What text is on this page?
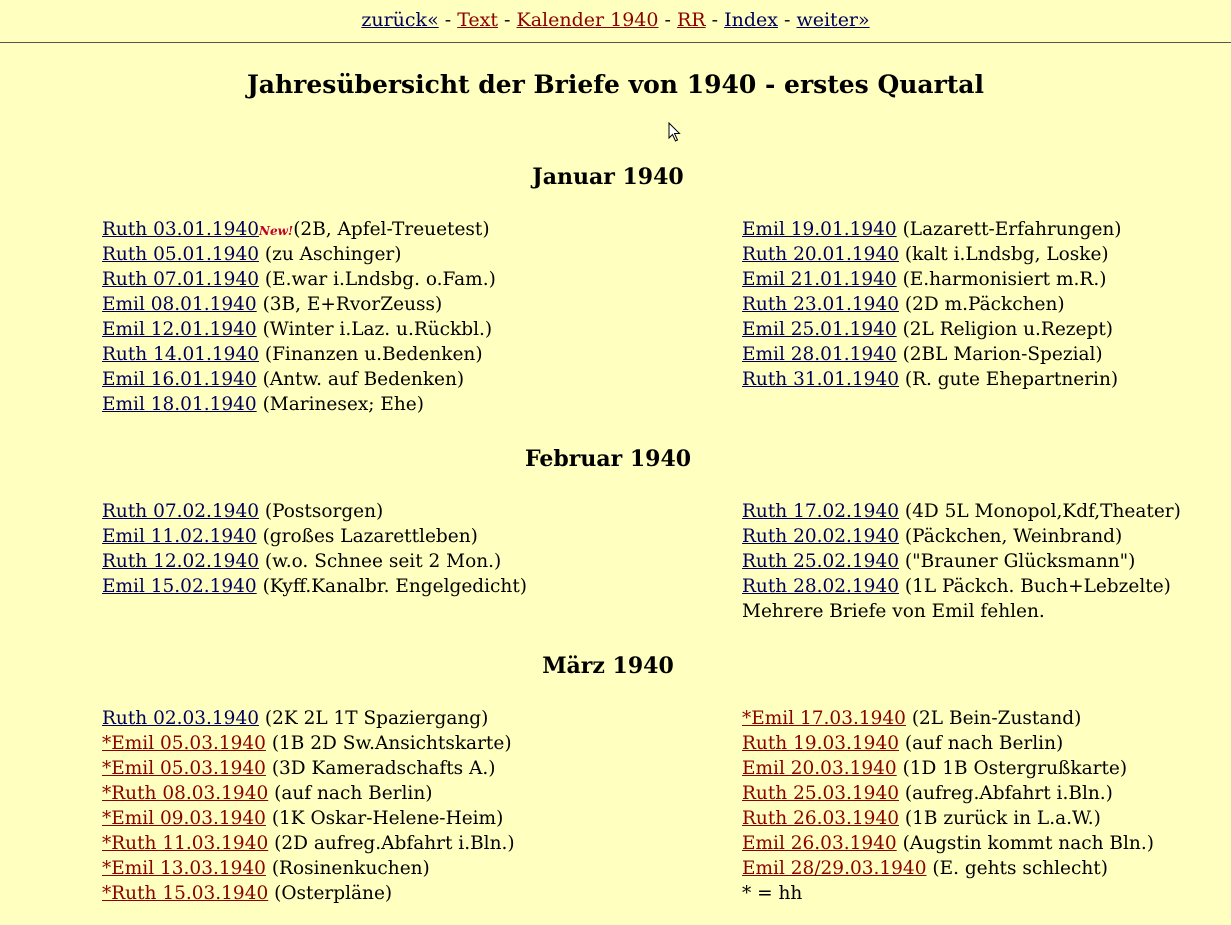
zurück« - Text - Kalender 1940 - RR - Index - weiter»
Jahresübersicht der Briefe von 1940 - erstes Quartal
Januar 1940
Ruth 03.01.1940New!(2B, Apfel-Treuetest)
Ruth 05.01.1940 (zu Aschinger)
Ruth 07.01.1940 (E.war i.Lndsbg. o.Fam.)
Emil 08.01.1940 (3B, E+RvorZeuss)
Emil 12.01.1940 (Winter i.Laz. u.Rückbl.)
Ruth 14.01.1940 (Finanzen u.Bedenken)
Emil 16.01.1940 (Antw. auf Bedenken)
Emil 18.01.1940 (Marinesex; Ehe)
Emil 19.01.1940 (Lazarett-Erfahrungen)
Ruth 20.01.1940 (kalt i.Lndsbg, Loske)
Emil 21.01.1940 (E.harmonisiert m.R.)
Ruth 23.01.1940 (2D m.Päckchen)
Emil 25.01.1940 (2L Religion u.Rezept)
Emil 28.01.1940 (2BL Marion-Spezial)
Ruth 31.01.1940 (R. gute Ehepartnerin)
Februar 1940
Ruth 07.02.1940 (Postsorgen)
Emil 11.02.1940 (großes Lazarettleben)
Ruth 12.02.1940 (w.o. Schnee seit 2 Mon.)
Emil 15.02.1940 (Kyff.Kanalbr. Engelgedicht)
Ruth 17.02.1940 (4D 5L Monopol,Kdf,Theater)
Ruth 20.02.1940 (Päckchen, Weinbrand)
Ruth 25.02.1940 ("Brauner Glücksmann")
Ruth 28.02.1940 (1L Päckch. Buch+Lebzelte)
Mehrere Briefe von Emil fehlen.
März 1940
Ruth 02.03.1940 (2K 2L 1T Spaziergang)
*Emil 05.03.1940 (1B 2D Sw.Ansichtskarte)
*Emil 05.03.1940 (3D Kameradschafts A.)
*Ruth 08.03.1940 (auf nach Berlin)
*Emil 09.03.1940 (1K Oskar-Helene-Heim)
*Ruth 11.03.1940 (2D aufreg.Abfahrt i.Bln.)
*Emil 13.03.1940 (Rosinenkuchen)
*Ruth 15.03.1940 (Osterpläne)
*Emil 17.03.1940 (2L Bein-Zustand)
Ruth 19.03.1940 (auf nach Berlin)
Emil 20.03.1940 (1D 1B Ostergrußkarte)
Ruth 25.03.1940 (aufreg.Abfahrt i.Bln.)
Ruth 26.03.1940 (1B zurück in L.a.W.)
Emil 26.03.1940 (Augstin kommt nach Bln.)
Emil 28/29.03.1940 (E. gehts schlecht)
* = hh
